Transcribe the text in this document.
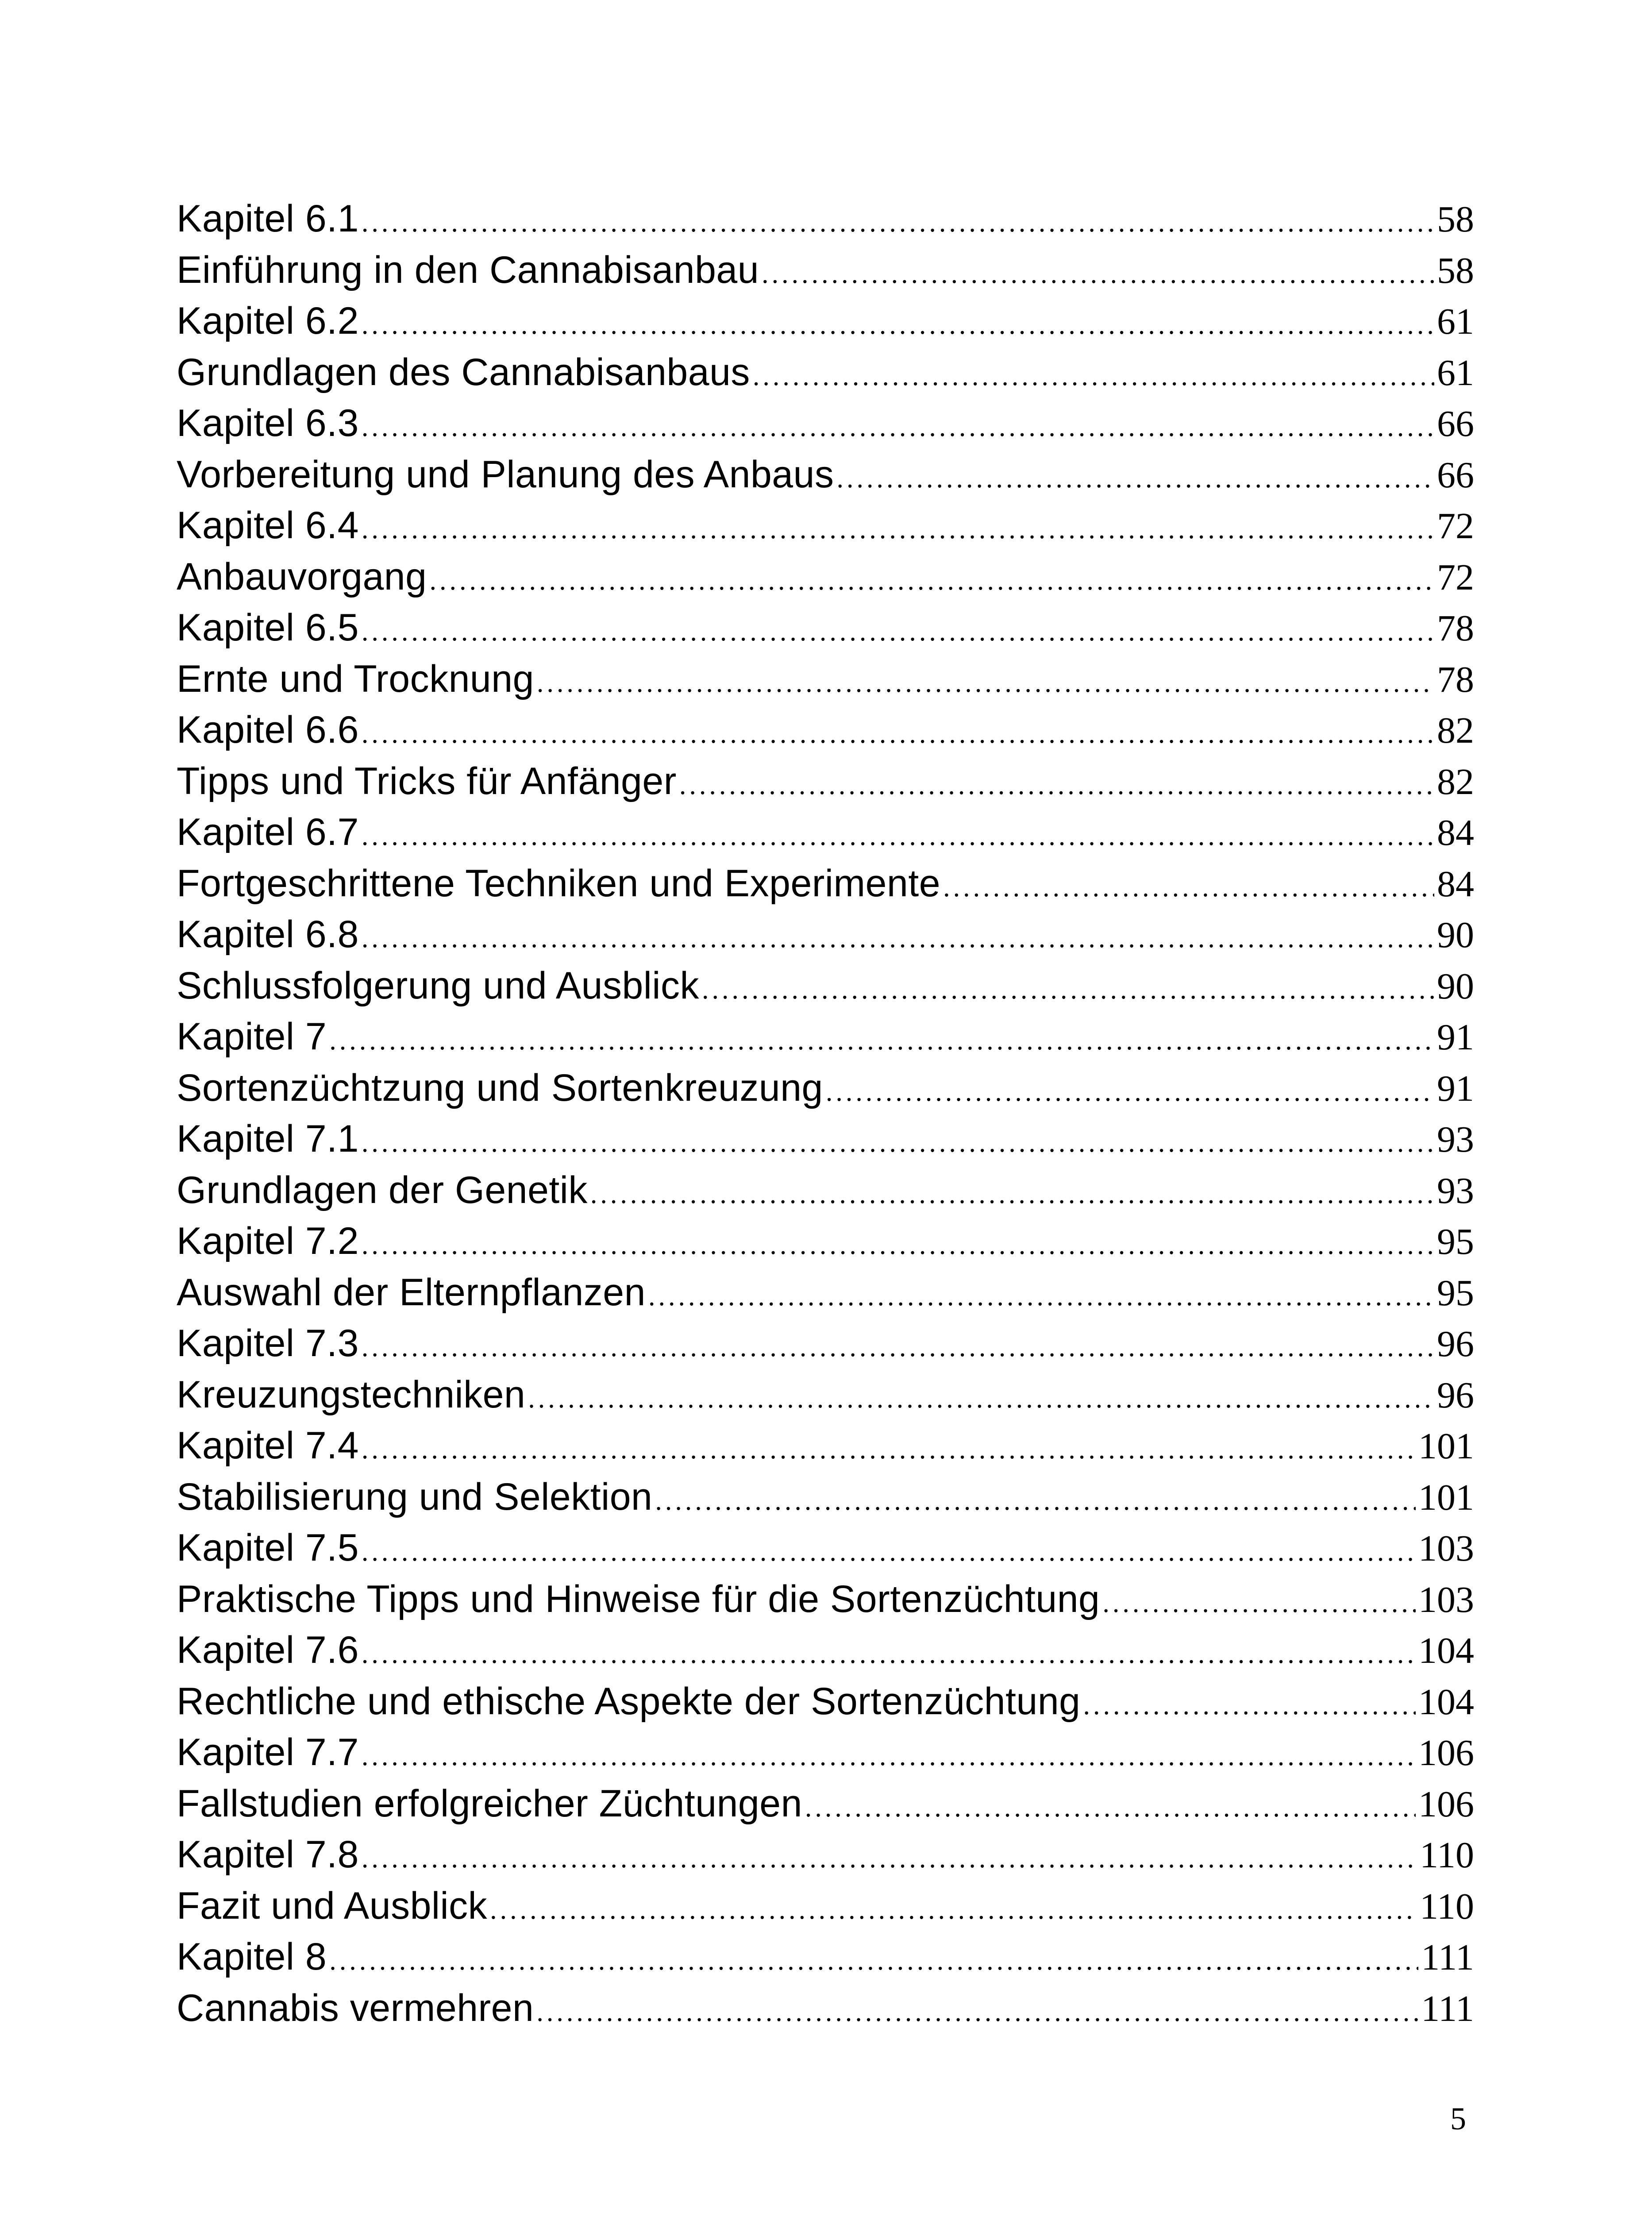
Kapitel 6.1 .....	58
Einführung in den Cannabisanbau .....	58
Kapitel 6.2 .....	61
Grundlagen des Cannabisanbaus .....	61
Kapitel 6.3 .....	66
Vorbereitung und Planung des Anbaus .....	66
Kapitel 6.4 .....	72
Anbauvorgang .....	72
Kapitel 6.5 .....	78
Ernte und Trocknung .....	78
Kapitel 6.6 .....	82
Tipps und Tricks für Anfänger .....	82
Kapitel 6.7 .....	84
Fortgeschrittene Techniken und Experimente .....	84
Kapitel 6.8 .....	90
Schlussfolgerung und Ausblick .....	90
Kapitel 7 .....	91
Sortenzüchtzung und Sortenkreuzung .....	91
Kapitel 7.1 .....	93
Grundlagen der Genetik .....	93
Kapitel 7.2 .....	95
Auswahl der Elternpflanzen .....	95
Kapitel 7.3 .....	96
Kreuzungstechniken .....	96
Kapitel 7.4 .....	101
Stabilisierung und Selektion .....	101
Kapitel 7.5 .....	103
Praktische Tipps und Hinweise für die Sortenzüchtung .....	103
Kapitel 7.6 .....	104
Rechtliche und ethische Aspekte der Sortenzüchtung .....	104
Kapitel 7.7 .....	106
Fallstudien erfolgreicher Züchtungen .....	106
Kapitel 7.8 .....	110
Fazit und Ausblick .....	110
Kapitel 8 .....	111
Cannabis vermehren .....	111
5
